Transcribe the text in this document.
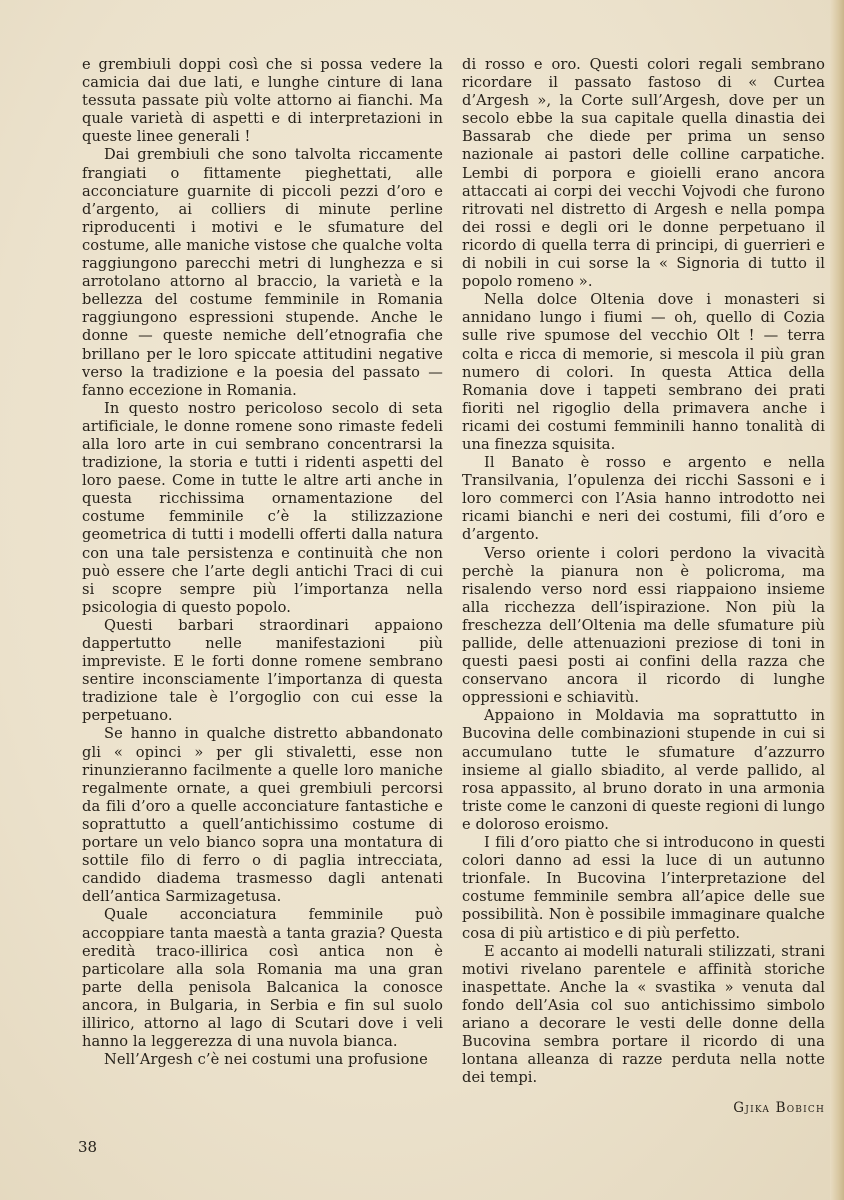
e grembiuli doppi così che si possa vedere la camicia dai due lati, e lunghe cinture di lana tessuta passate più volte attorno ai fianchi. Ma quale varietà di aspetti e di interpretazioni in queste linee generali !

Dai grembiuli che sono talvolta riccamente frangiati o fittamente pieghettati, alle acconciature guarnite di piccoli pezzi d’oro e d’argento, ai colliers di minute perline riproducenti i motivi e le sfumature del costume, alle maniche vistose che qualche volta raggiungono parecchi metri di lunghezza e si arrotolano attorno al braccio, la varietà e la bellezza del costume femminile in Romania raggiungono espressioni stupende. Anche le donne — queste nemiche dell’etnografia che brillano per le loro spiccate attitudini negative verso la tradizione e la poesia del passato — fanno eccezione in Romania.

In questo nostro pericoloso secolo di seta artificiale, le donne romene sono rimaste fedeli alla loro arte in cui sembrano concentrarsi la tradizione, la storia e tutti i ridenti aspetti del loro paese. Come in tutte le altre arti anche in questa ricchissima ornamentazione del costume femminile c’è la stilizzazione geometrica di tutti i modelli offerti dalla natura con una tale persistenza e continuità che non può essere che l’arte degli antichi Traci di cui si scopre sempre più l’importanza nella psicologia di questo popolo.

Questi barbari straordinari appaiono dappertutto nelle manifestazioni più impreviste. E le forti donne romene sembrano sentire inconsciamente l’importanza di questa tradizione tale è l’orgoglio con cui esse la perpetuano.

Se hanno in qualche distretto abbandonato gli « opinci » per gli stivaletti, esse non rinunzieranno facilmente a quelle loro maniche regalmente ornate, a quei grembiuli percorsi da fili d’oro a quelle acconciature fantastiche e soprattutto a quell’antichissimo costume di portare un velo bianco sopra una montatura di sottile filo di ferro o di paglia intrecciata, candido diadema trasmesso dagli antenati dell’antica Sarmizagetusa.

Quale acconciatura femminile può accoppiare tanta maestà a tanta grazia? Questa eredità traco-illirica così antica non è particolare alla sola Romania ma una gran parte della penisola Balcanica la conosce ancora, in Bulgaria, in Serbia e fin sul suolo illirico, attorno al lago di Scutari dove i veli hanno la leggerezza di una nuvola bianca.

Nell’Argesh c’è nei costumi una profusione

di rosso e oro. Questi colori regali sembrano ricordare il passato fastoso di « Curtea d’Argesh », la Corte sull’Argesh, dove per un secolo ebbe la sua capitale quella dinastia dei Bassarab che diede per prima un senso nazionale ai pastori delle colline carpatiche. Lembi di porpora e gioielli erano ancora attaccati ai corpi dei vecchi Vojvodi che furono ritrovati nel distretto di Argesh e nella pompa dei rossi e degli ori le donne perpetuano il ricordo di quella terra di principi, di guerrieri e di nobili in cui sorse la « Signoria di tutto il popolo romeno ».

Nella dolce Oltenia dove i monasteri si annidano lungo i fiumi — oh, quello di Cozia sulle rive spumose del vecchio Olt ! — terra colta e ricca di memorie, si mescola il più gran numero di colori. In questa Attica della Romania dove i tappeti sembrano dei prati fioriti nel rigoglio della primavera anche i ricami dei costumi femminili hanno tonalità di una finezza squisita.

Il Banato è rosso e argento e nella Transilvania, l’opulenza dei ricchi Sassoni e i loro commerci con l’Asia hanno introdotto nei ricami bianchi e neri dei costumi, fili d’oro e d’argento.

Verso oriente i colori perdono la vivacità perchè la pianura non è policroma, ma risalendo verso nord essi riappaiono insieme alla ricchezza dell’ispirazione. Non più la freschezza dell’Oltenia ma delle sfumature più pallide, delle attenuazioni preziose di toni in questi paesi posti ai confini della razza che conservano ancora il ricordo di lunghe oppressioni e schiavitù.

Appaiono in Moldavia ma soprattutto in Bucovina delle combinazioni stupende in cui si accumulano tutte le sfumature d’azzurro insieme al giallo sbiadito, al verde pallido, al rosa appassito, al bruno dorato in una armonia triste come le canzoni di queste regioni di lungo e doloroso eroismo.

I fili d’oro piatto che si introducono in questi colori danno ad essi la luce di un autunno trionfale. In Bucovina l’interpretazione del costume femminile sembra all’apice delle sue possibilità. Non è possibile immaginare qualche cosa di più artistico e di più perfetto.

E accanto ai modelli naturali stilizzati, strani motivi rivelano parentele e affinità storiche inaspettate. Anche la « svastika » venuta dal fondo dell’Asia col suo antichissimo simbolo ariano a decorare le vesti delle donne della Bucovina sembra portare il ricordo di una lontana alleanza di razze perduta nella notte dei tempi.

Gjika Bobich
38
